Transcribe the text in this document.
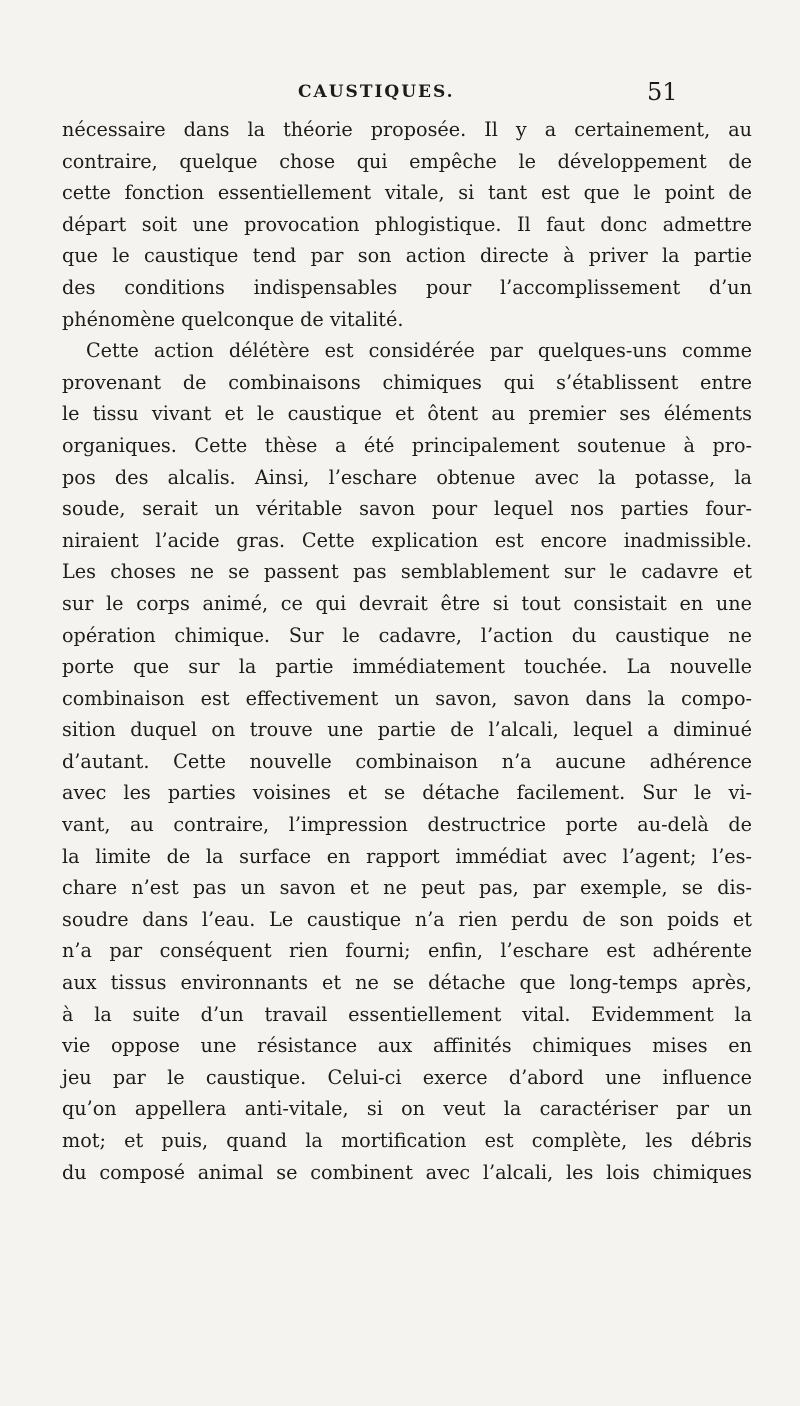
CAUSTIQUES.	51
nécessaire dans la théorie proposée. Il y a certainement, au
contraire, quelque chose qui empêche le développement de
cette fonction essentiellement vitale, si tant est que le point de
départ soit une provocation phlogistique. Il faut donc admettre
que le caustique tend par son action directe à priver la partie
des conditions indispensables pour l’accomplissement d’un
phénomène quelconque de vitalité.
Cette action délétère est considérée par quelques-uns comme
provenant de combinaisons chimiques qui s’établissent entre
le tissu vivant et le caustique et ôtent au premier ses éléments
organiques. Cette thèse a été principalement soutenue à pro-
pos des alcalis. Ainsi, l’eschare obtenue avec la potasse, la
soude, serait un véritable savon pour lequel nos parties four-
niraient l’acide gras. Cette explication est encore inadmissible.
Les choses ne se passent pas semblablement sur le cadavre et
sur le corps animé, ce qui devrait être si tout consistait en une
opération chimique. Sur le cadavre, l’action du caustique ne
porte que sur la partie immédiatement touchée. La nouvelle
combinaison est effectivement un savon, savon dans la compo-
sition duquel on trouve une partie de l’alcali, lequel a diminué
d’autant. Cette nouvelle combinaison n’a aucune adhérence
avec les parties voisines et se détache facilement. Sur le vi-
vant, au contraire, l’impression destructrice porte au-delà de
la limite de la surface en rapport immédiat avec l’agent; l’es-
chare n’est pas un savon et ne peut pas, par exemple, se dis-
soudre dans l’eau. Le caustique n’a rien perdu de son poids et
n’a par conséquent rien fourni; enfin, l’eschare est adhérente
aux tissus environnants et ne se détache que long-temps après,
à la suite d’un travail essentiellement vital. Evidemment la
vie oppose une résistance aux affinités chimiques mises en
jeu par le caustique. Celui-ci exerce d’abord une influence
qu’on appellera anti-vitale, si on veut la caractériser par un
mot; et puis, quand la mortification est complète, les débris
du composé animal se combinent avec l’alcali, les lois chimiques
